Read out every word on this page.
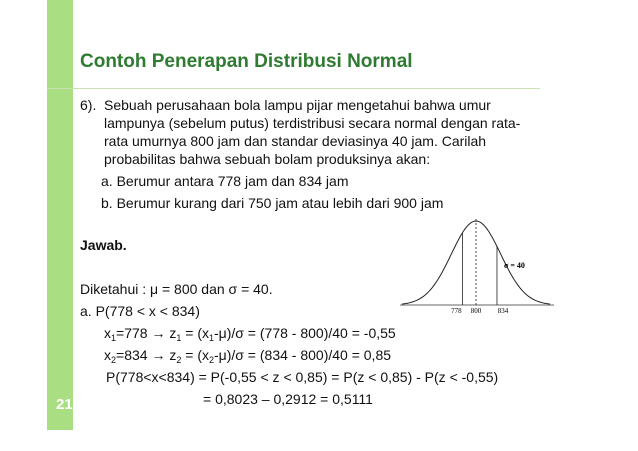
21
Contoh Penerapan Distribusi Normal
6). Sebuah perusahaan bola lampu pijar mengetahui bahwa umur
lampunya (sebelum putus) terdistribusi secara normal dengan rata-
rata umurnya 800 jam dan standar deviasinya 40 jam. Carilah
probabilitas bahwa sebuah bolam produksinya akan:
a. Berumur antara 778 jam dan 834 jam
b. Berumur kurang dari 750 jam atau lebih dari 900 jam
Jawab.
Diketahui : μ = 800 dan σ = 40.
a. P(778 < x < 834)
$x_1=778 \to z_1 = (x_1-\mu)/\sigma = (778 - 800)/40 = -0,55$
$x_2=834 \to z_2 = (x_2-\mu)/\sigma = (834 - 800)/40 = 0,85$
P(778<x<834) = P(-0,55 < z < 0,85) = P(z < 0,85) - P(z < -0,55)
= 0,8023 – 0,2912 = 0,5111
778 800 834
σ = 40
